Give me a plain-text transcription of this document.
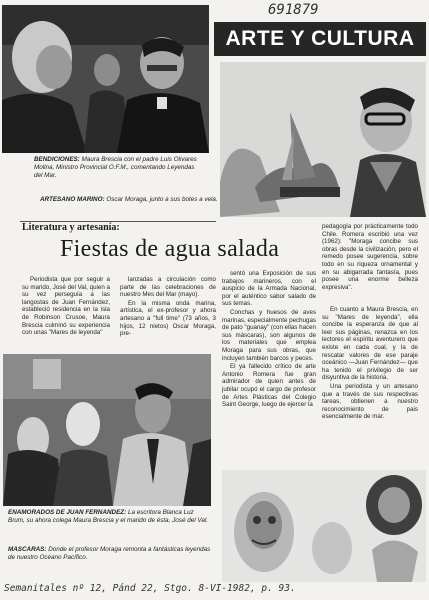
691879
ARTE Y CULTURA
BENDICIONES: Maura Brescia con el padre Luis Olivares Molina, Ministro Provincial O.F.M., comentando Leyendas del Mar.
ARTESANO MARINO: Oscar Moraga, junto a sus botes a vela.
Literatura y artesanía:
Fiestas de agua salada

Periodista que por seguir a su marido, José del Val, quien a su vez perseguía a las langostas de Juan Fernández, estableció residencia en la isla de Robinson Crusoe, Maura Brescia culminó su experiencia con unas "Mares de leyenda"

lanzadas a circulación como parte de las celebraciones de nuestro Mes del Mar (mayo).

En la misma onda marina, artística, el ex-profesor y ahora artesano a "full time" (73 años, 3 hijos, 12 nietos) Oscar Moraga, pre-

pedagogía por prácticamente todo Chile. Romera escribió una vez (1962): "Moraga concibe sus obras desde la civilización, pero el remedo posee sugerencia, sobre todo en su riqueza ornamental y en su abigarrada fantasía, pues posee una enorme belleza expresiva".

sentó una Exposición de sus trabajos marineros, con el auspicio de la Armada Nacional, por el auténtico sabor salado de sus temas.

Conchas y huesos de aves marinas, especialmente pechugas de pato "guanay" (con ellas hacen sus máscaras), son algunos de los materiales que emplea Moraga para sus obras, que incluyen también barcos y peces.

El ya fallecido crítico de arte Antonio Romera fue gran admirador de quien antes de jubilar ocupó el cargo de profesor de Artes Plásticas del Colegio Saint George, luego de ejercer la

En cuanto a Maura Brescia, en su "Mares de leyenda", ella concibe la esperanza de que al leer sus páginas, renazca en los lectores el espíritu aventurero que existe en cada cual, y la de rescatar valores de ese paraje oceánico —Juan Fernández— que ha tenido el privilegio de ser disyuntiva de la historia.

Una periodista y un artesano que a través de sus respectivas tareas, obtienen a nuestro reconocimiento de pais esencialmente de mar.

ENAMORADOS DE JUAN FERNANDEZ: La escritora Blanca Luz Brum, su ahora colega Maura Brescia y el marido de ésta, José del Val.
MASCARAS: Donde el profesor Moraga remonta a fantásticas leyendas de nuestro Océano Pacífico.
Semanitales nº 12, Pánd 22, Stgo. 8-VI-1982, p. 93.
